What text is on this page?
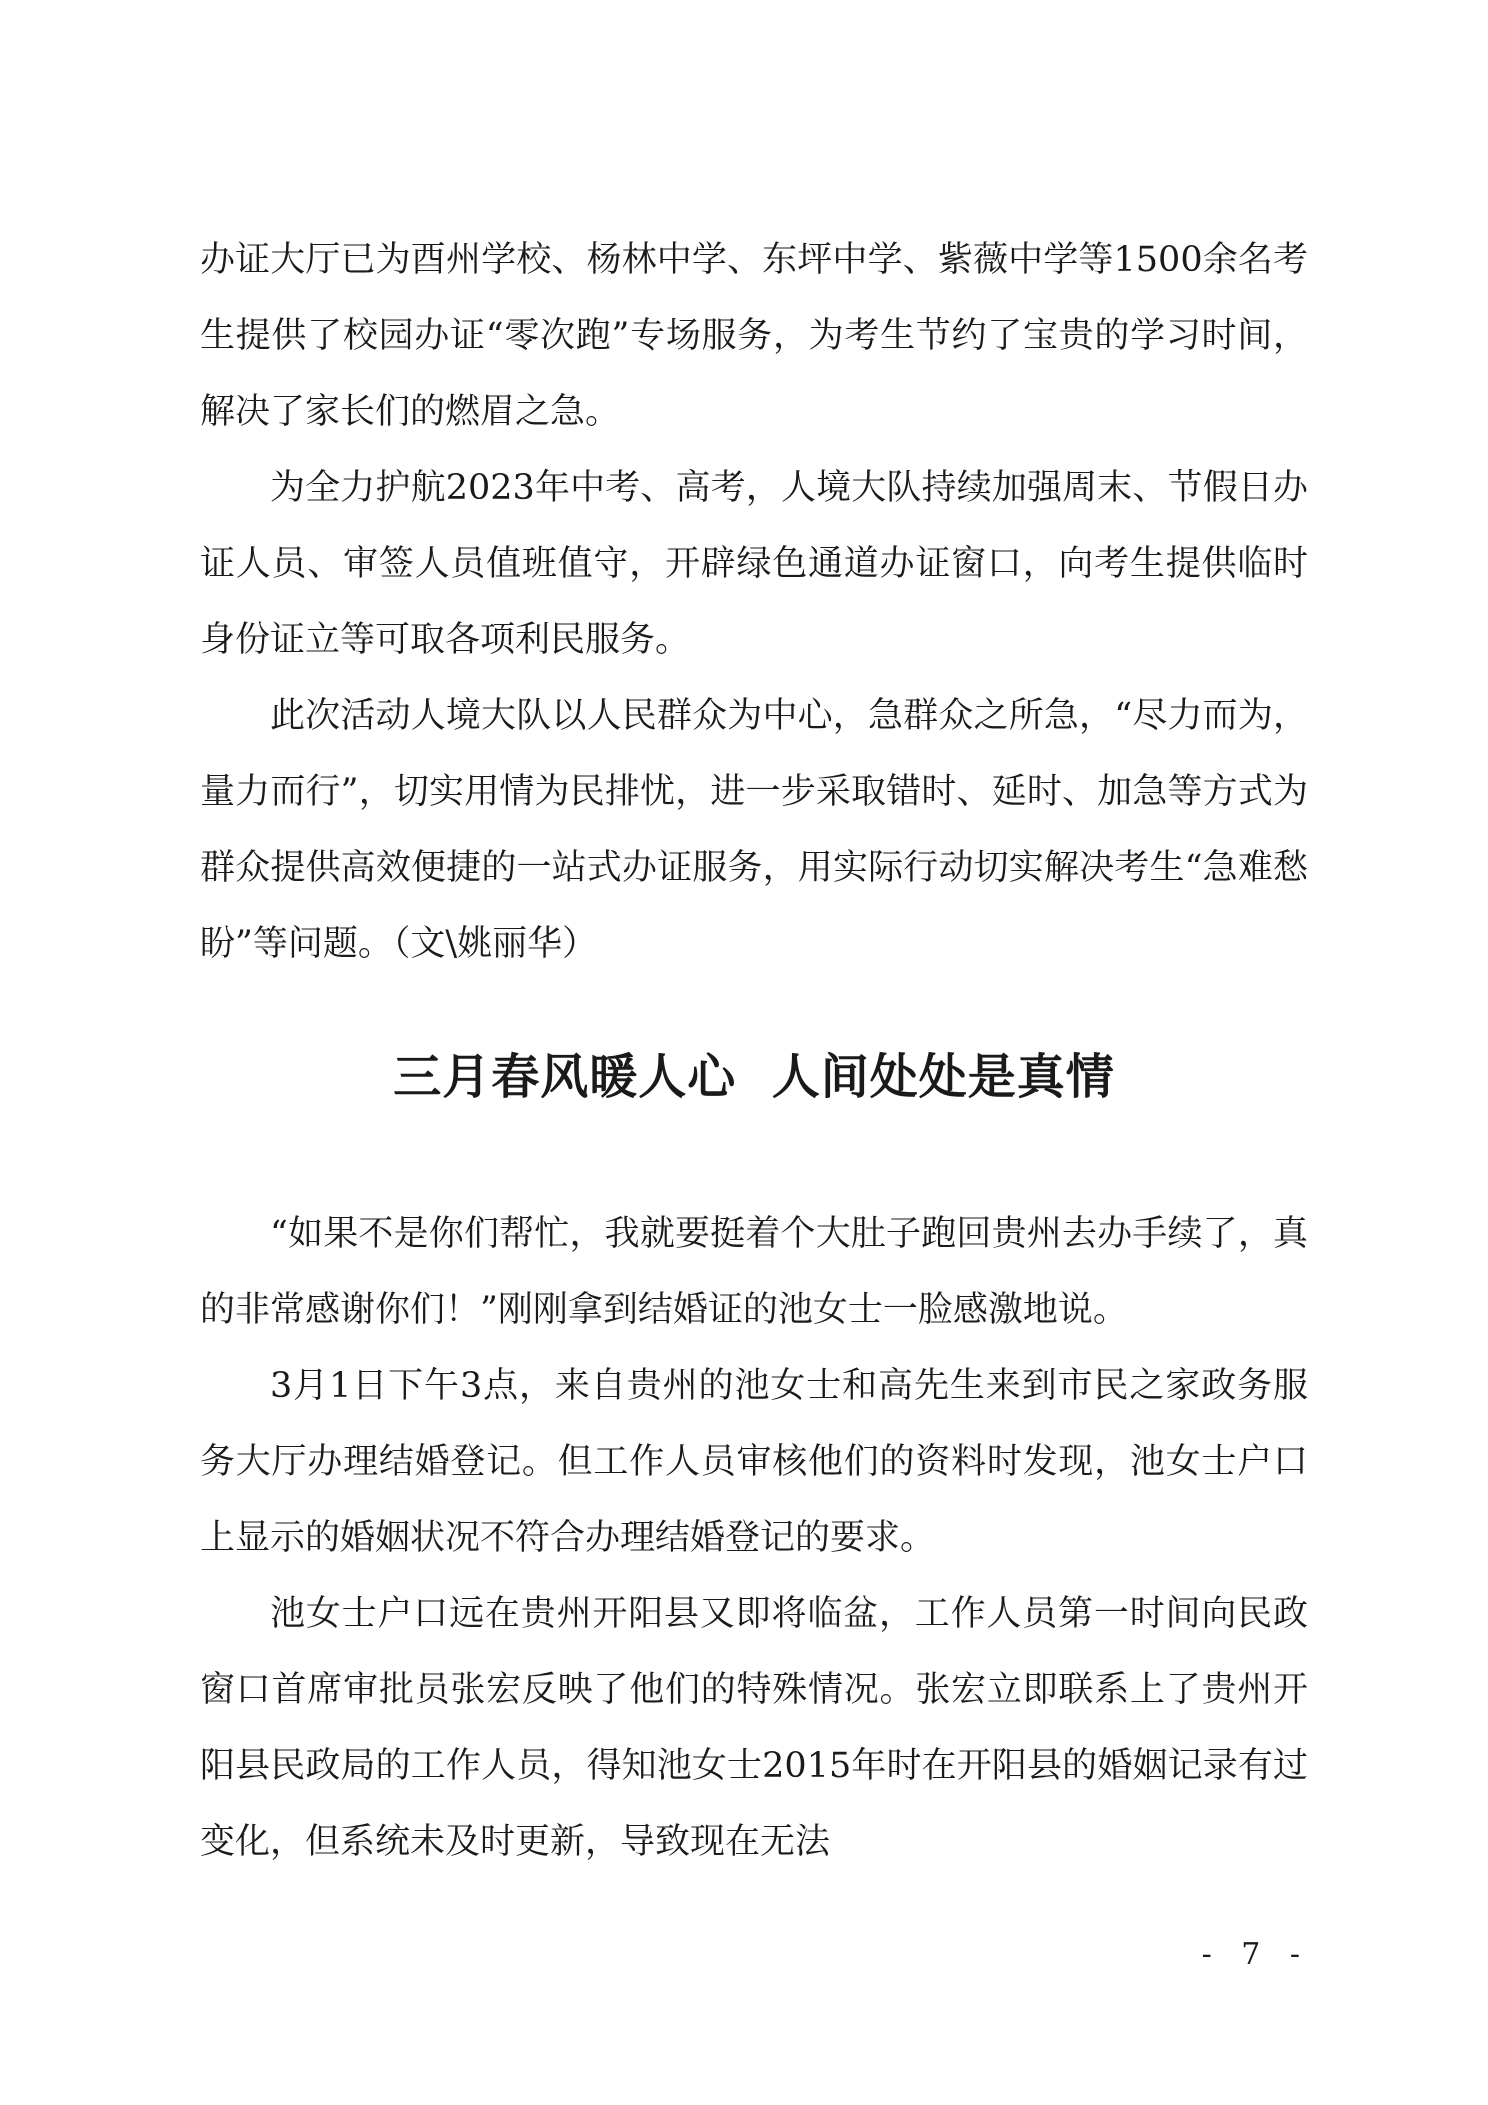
办证大厅已为酉州学校、杨林中学、东坪中学、紫薇中学等1500余名考生提供了校园办证“零次跑”专场服务，为考生节约了宝贵的学习时间，解决了家长们的燃眉之急。

为全力护航2023年中考、高考，人境大队持续加强周末、节假日办证人员、审签人员值班值守，开辟绿色通道办证窗口，向考生提供临时身份证立等可取各项利民服务。

此次活动人境大队以人民群众为中心，急群众之所急，“尽力而为，量力而行”，切实用情为民排忧，进一步采取错时、延时、加急等方式为群众提供高效便捷的一站式办证服务，用实际行动切实解决考生“急难愁盼”等问题。（文\姚丽华）

三月春风暖人心  人间处处是真情

“如果不是你们帮忙，我就要挺着个大肚子跑回贵州去办手续了，真的非常感谢你们！”刚刚拿到结婚证的池女士一脸感激地说。

3月1日下午3点，来自贵州的池女士和高先生来到市民之家政务服务大厅办理结婚登记。但工作人员审核他们的资料时发现，池女士户口上显示的婚姻状况不符合办理结婚登记的要求。

池女士户口远在贵州开阳县又即将临盆，工作人员第一时间向民政窗口首席审批员张宏反映了他们的特殊情况。张宏立即联系上了贵州开阳县民政局的工作人员，得知池女士2015年时在开阳县的婚姻记录有过变化，但系统未及时更新，导致现在无法

- 7 -
